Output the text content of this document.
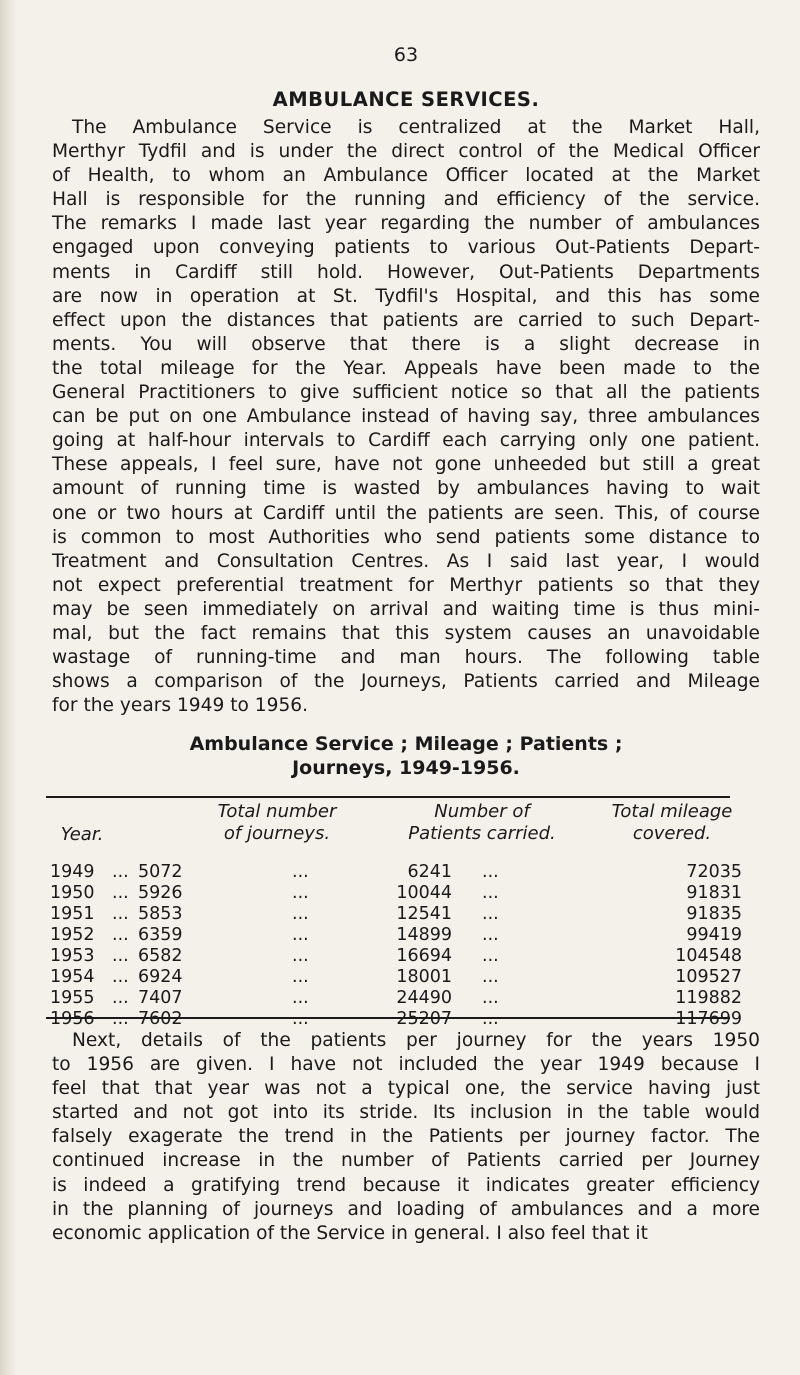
63
AMBULANCE SERVICES.

The Ambulance Service is centralized at the Market Hall,
Merthyr Tydfil and is under the direct control of the Medical Officer
of Health, to whom an Ambulance Officer located at the Market
Hall is responsible for the running and efficiency of the service.
The remarks I made last year regarding the number of ambulances
engaged upon conveying patients to various Out-Patients Depart-
ments in Cardiff still hold. However, Out-Patients Departments
are now in operation at St. Tydfil's Hospital, and this has some
effect upon the distances that patients are carried to such Depart-
ments. You will observe that there is a slight decrease in
the total mileage for the Year. Appeals have been made to the
General Practitioners to give sufficient notice so that all the patients
can be put on one Ambulance instead of having say, three ambulances
going at half-hour intervals to Cardiff each carrying only one patient.
These appeals, I feel sure, have not gone unheeded but still a great
amount of running time is wasted by ambulances having to wait
one or two hours at Cardiff until the patients are seen. This, of course
is common to most Authorities who send patients some distance to
Treatment and Consultation Centres. As I said last year, I would
not expect preferential treatment for Merthyr patients so that they
may be seen immediately on arrival and waiting time is thus mini-
mal, but the fact remains that this system causes an unavoidable
wastage of running-time and man hours. The following table
shows a comparison of the Journeys, Patients carried and Mileage
for the years 1949 to 1956.

Ambulance Service ; Mileage ; Patients ;
Journeys, 1949-1956.
Year.
Total number
of journeys.
Number of
Patients carried.
Total mileage
covered.
1949 ... 5072	...	6241 ...	72035
1950 ... 5926	...	10044 ...	91831
1951 ... 5853	...	12541 ...	91835
1952 ... 6359	...	14899 ...	99419
1953 ... 6582	...	16694 ...	104548
1954 ... 6924	...	18001 ...	109527
1955 ... 7407	...	24490 ...	119882
1956 ... 7602	...	25207 ...	117699

Next, details of the patients per journey for the years 1950
to 1956 are given. I have not included the year 1949 because I
feel that that year was not a typical one, the service having just
started and not got into its stride. Its inclusion in the table would
falsely exagerate the trend in the Patients per journey factor. The
continued increase in the number of Patients carried per Journey
is indeed a gratifying trend because it indicates greater efficiency
in the planning of journeys and loading of ambulances and a more
economic application of the Service in general. I also feel that it
